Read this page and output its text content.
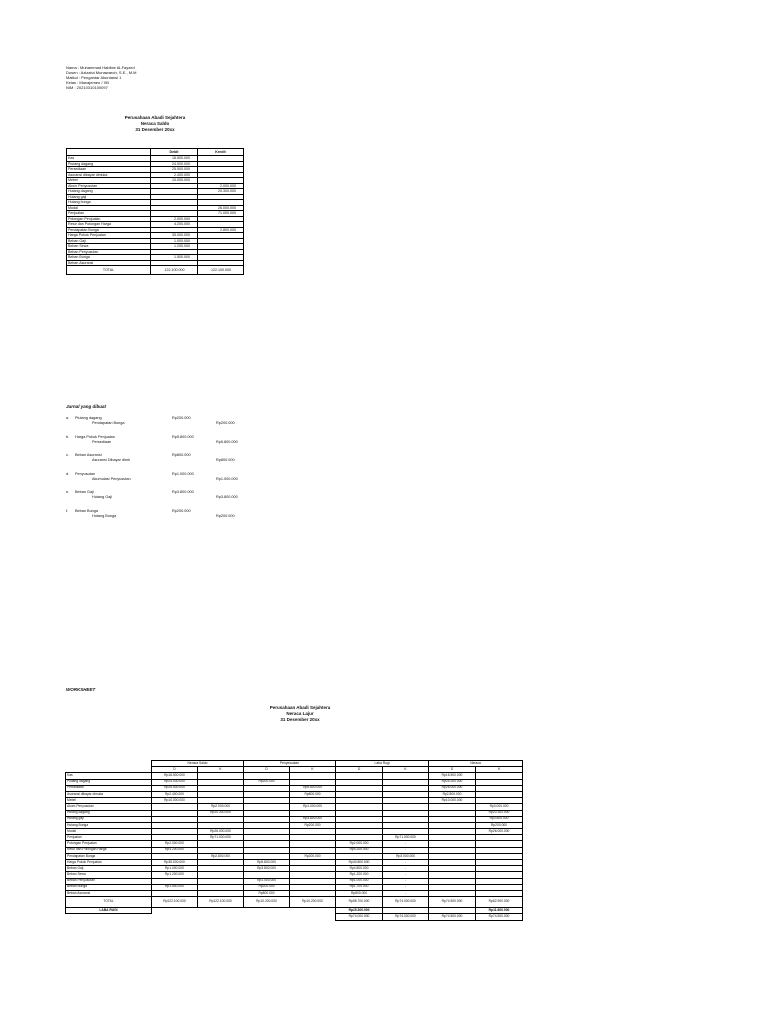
Nama : Muhammad Habibie Al-Fayzed
Dosen : Azizatul Munawaroh, S.E., M.M
Matkul : Pengantar Akuntansi 1
Kelas : Manajemen / XB
NIM : 20210310100097
Perusahaan Abadi Sejahtera
Neraca Saldo
31 Desember 20xx
	Debit	Kredit
Kas	16.500.000	
Piutang dagang	24.000.000	
Persediaan	25.500.000	
Asuransi dibayar dimuka	2.400.000	
Mebel	10.000.000	
Akum Penyusutan		2.000.000
Hutang dagang		20.300.000
Hutang gaji		
Hutang bunga		
Modal		26.000.000
Penjualan		71.000.000
Potongan Penjualan	2.000.000	
Retur dan Potongan Harga	4.200.000	
Pendapatan Bunga		2.800.000
Harga Pokok Penjualan	35.000.000	
Beban Gaji	1.000.000	
Beban Sewa	1.200.000	
Beban Penyusutan		
Beban Bunga	1.500.000	
Beban Asuransi		
TOTAL	122.100.000	122.100.000
Jurnal yang dibuat
a. Piutang dagang	Rp200.000
Pendapatan Bunga	Rp200.000
b. Harga Pokok Penjualan	Rp5.800.000
Persediaan	Rp5.800.000
c. Beban Asuransi	Rp800.000
Asuransi Dibayar dimk	Rp800.000
d. Penyusutan	Rp1.000.000
Akumulasi Penyusutan	Rp1.000.000
e. Beban Gaji	Rp3.800.000
Hutang Gaji	Rp3.800.000
f. Beban Bunga	Rp200.000
Hutang Bunga	Rp200.000
WORKSHEET
Perusahaan Abadi Sejahtera
Neraca Lajur
31 Desember 20xx
	Neraca Saldo		Penyesuaian		Laba Rugi		Neraca	
	D	K	D	K	D	K	D	K
Kas	Rp16.500.000						Rp16.500.000	
Piutang dagang	Rp24.000.000		Rp200.000				Rp24.200.000	
Persediaan	Rp25.500.000			Rp5.800.000			Rp26.000.000	
Asuransi dibayar dimuka	Rp2.400.000			Rp800.000			Rp2.800.000	
Mebel	Rp10.000.000						Rp10.000.000	
Akum Penyusutan		Rp2.000.000		Rp1.000.000				Rp3.000.000
Hutang dagang		Rp20.300.000						Rp20.300.000
Hutang gaji				Rp3.800.000				Rp3.800.000
Hutang Bunga				Rp200.000				Rp200.000
Modal		Rp26.000.000						Rp26.000.000
Penjualan		Rp71.000.000				Rp71.000.000		
Potongan Penjualan	Rp2.000.000				Rp2.000.000	-		
Retur dan Potongan Harga	Rp4.200.000				Rp4.200.000	-		
Pendapatan Bunga		Rp2.800.000		Rp200.000		Rp3.000.000		
Harga Pokok Penjualan	Rp35.000.000		Rp5.800.000		Rp40.800.000	-		
Beban Gaji	Rp1.000.000		Rp3.800.000		Rp4.800.000	-		
Beban Sewa	Rp1.200.000				Rp1.200.000	-		
Beban Penyusutan			Rp1.000.000		Rp1.000.000	-		
Beban Bunga	Rp1.500.000		Rp200.000		Rp1.700.000	-		
Beban Asuransi			Rp800.000		Rp800.000	-		
TOTAL	Rp122.100.000	Rp122.100.000	Rp10.200.000	Rp10.200.000	Rp58.700.000	Rp74.000.000	Rp74.500.000	Rp62.900.000
LABA RUGI					Rp15.300.000			Rp11.600.000
					Rp74.000.000	Rp74.000.000	Rp74.500.000	Rp74.500.000
